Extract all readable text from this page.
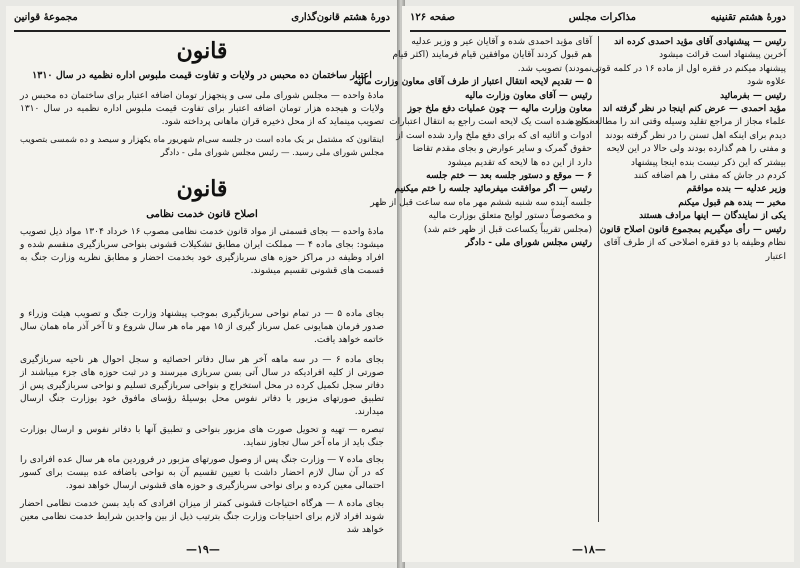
دورهٔ هشتم قانون‌گذاری
مجموعهٔ قوانین
قانون
اعتبار ساختمان ده محبس در ولایات و تفاوت قیمت ملبوس اداره نظمیه در سال ۱۳۱۰
مادهٔ واحده — مجلس شورای ملی سی و پنجهزار تومان اضافه اعتبار برای ساختمان ده محبس در ولایات و هیجده هزار تومان اضافه اعتبار برای تفاوت قیمت ملبوس اداره نظمیه در سال ۱۳۱۰ تصویب مینماید که از محل ذخیره قران ماهانی پرداخته شود.
اینقانون که مشتمل بر یک ماده است در جلسه سی‌ام شهریور ماه یکهزار و سیصد و ده شمسی بتصویب مجلس شورای ملی رسید. — رئیس مجلس شورای ملی - دادگر
قانون
اصلاح قانون خدمت نظامی
مادهٔ واحده — بجای قسمتی از مواد قانون خدمت نظامی مصوب ۱۶ خرداد ۱۳۰۴ مواد ذیل تصویب میشود: بجای ماده ۴ — مملکت ایران مطابق تشکیلات قشونی بنواحی سربازگیری منقسم شده و افراد وظیفه در مراکز حوزه های سربازگیری خود بخدمت احضار و مطابق نظریه وزارت جنگ به قسمت های قشونی تقسیم میشوند.
بجای ماده ۵ — در تمام نواحی سربازگیری بموجب پیشنهاد وزارت جنگ و تصویب هیئت وزراء و صدور فرمان همایونی عمل سرباز گیری از ۱۵ مهر ماه هر سال شروع و تا آخر آذر ماه همان سال خاتمه خواهد یافت.
بجای ماده ۶ — در سه ماهه آخر هر سال دفاتر احصائیه و سجل احوال هر ناحیه سربازگیری صورتی از کلیه افرادیکه در سال آتی بسن سربازی میرسند و در ثبت حوزه های جزء میباشند از دفاتر سجل تکمیل کرده در محل استخراج و بنواحی سربازگیری تسلیم و نواحی سربازگیری پس از تطبیق صورتهای مزبور با دفاتر نفوس محل بوسیلهٔ رؤسای مافوق خود بوزارت جنگ ارسال میدارند.
تبصره — تهیه و تحویل صورت های مزبور بنواحی و تطبیق آنها با دفاتر نفوس و ارسال بوزارت جنگ باید از ماه آخر سال تجاوز ننماید.
بجای ماده ۷ — وزارت جنگ پس از وصول صورتهای مزبور در فروردین ماه هر سال عده افرادی را که در آن سال لازم احضار داشت با تعیین تقسیم آن به نواحی باضافه عده بیست برای کسور احتمالی معین کرده و برای نواحی سربازگیری و حوزه های قشونی ارسال خواهد نمود.
بجای ماده ۸ — هرگاه احتیاجات قشونی کمتر از میزان افرادی که باید بسن خدمت نظامی احضار شوند افراد لازم برای احتیاجات وزارت جنگ بترتیب ذیل از بین واجدین شرایط خدمت نظامی معین خواهد شد
—۱۹—
دورهٔ هشتم تقنینیه
مذاکرات مجلس
صفحه ۱۲۶
رئیس — پیشنهادی آقای مؤید احمدی کرده اند
آخرین پیشنهاد است قرائت میشود
پیشنهاد میکنم در فقره اول از ماده ۱۶ در کلمه قوتی
علاوه شود
رئیس — بفرمائید
مؤید احمدی — عرض کنم اینجا در نظر گرفته اند
علماء مجاز از مراجع تقلید وسیله وقتی اند را مطالعه کرده
دیدم برای اینکه اهل تسنن را در نظر گرفته بودند
و مفتی را هم گذارده بودند ولی حالا در این لایحه
بیشتر که این ذکر نیست بنده اینجا پیشنهاد
کردم در جاش که مفتی را هم اضافه کنند
وزیر عدلیه — بنده موافقم
مخبر — بنده هم قبول میکنم
یکی از نمایندگان — اینها مرادف هستند
رئیس — رأی میگیریم بمجموع قانون اصلاح قانون
نظام وظیفه با دو فقره اصلاحی که از طرف آقای
اعتبار
آقای مؤید احمدی شده و آقایان عیر و وزیر عدلیه
هم قبول کردند آقایان موافقین قیام فرمایند (اکثر قیام
نمودند) تصویب شد.
۵ — تقدیم لایحه انتقال اعتبار از طرف آقای معاون وزارت مالیه
رئیس — آقای معاون وزارت مالیه
معاون وزارت مالیه — چون عملیات دفع ملخ جوز
تمام شده است یک لایحه است راجع به انتقال اعتبارات
ادوات و اثاثیه ای که برای دفع ملخ وارد شده است از
حقوق گمرک و سایر عوارض و بجای مقدم تقاضا
دارد از این ده ها لایحه که تقدیم میشود
۶ — موقع و دستور جلسه بعد — ختم جلسه
رئیس — اگر موافقت میفرمائید جلسه را ختم میکنیم
جلسه آینده سه شنبه ششم مهر ماه سه ساعت قبل از ظهر
و مخصوصاً دستور لوایح متعلق بوزارت مالیه
(مجلس تقریباً یکساعت قبل از ظهر ختم شد)
رئیس مجلس شورای ملی - دادگر
—۱۸—
